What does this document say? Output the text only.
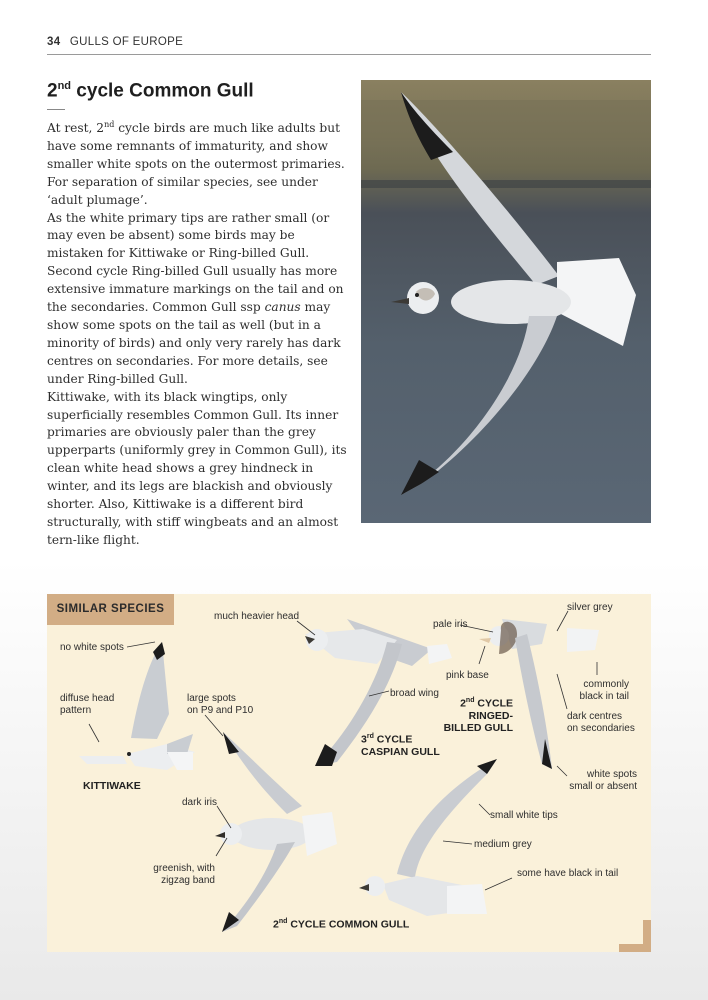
34 GULLS OF EUROPE
2nd cycle Common Gull

At rest, 2nd cycle birds are much like adults but have some remnants of immaturity, and show smaller white spots on the outermost primaries. For separation of similar species, see under ‘adult plumage’.

As the white primary tips are rather small (or may even be absent) some birds may be mistaken for Kittiwake or Ring-billed Gull.

Second cycle Ring-billed Gull usually has more extensive immature markings on the tail and on the secondaries. Common Gull ssp canus may show some spots on the tail as well (but in a minority of birds) and only very rarely has dark centres on secondaries. For more details, see under Ring-billed Gull.

Kittiwake, with its black wingtips, only superficially resembles Common Gull. Its inner primaries are obviously paler than the grey upperparts (uniformly grey in Common Gull), its clean white head shows a grey hindneck in winter, and its legs are blackish and obviously shorter. Also, Kittiwake is a different bird structurally, with stiff wingbeats and an almost tern-like flight.

SIMILAR SPECIES
no white spots
diffuse head
pattern
large spots
on P9 and P10
much heavier head
broad wing
pale iris
pink base
silver grey
commonly
black in tail
dark centres
on secondaries
white spots
small or absent
dark iris
greenish, with
zigzag band
small white tips
medium grey
some have black in tail
KITTIWAKE
3rd CYCLE
CASPIAN GULL
2nd CYCLE
RINGED-
BILLED GULL
2nd CYCLE COMMON GULL
